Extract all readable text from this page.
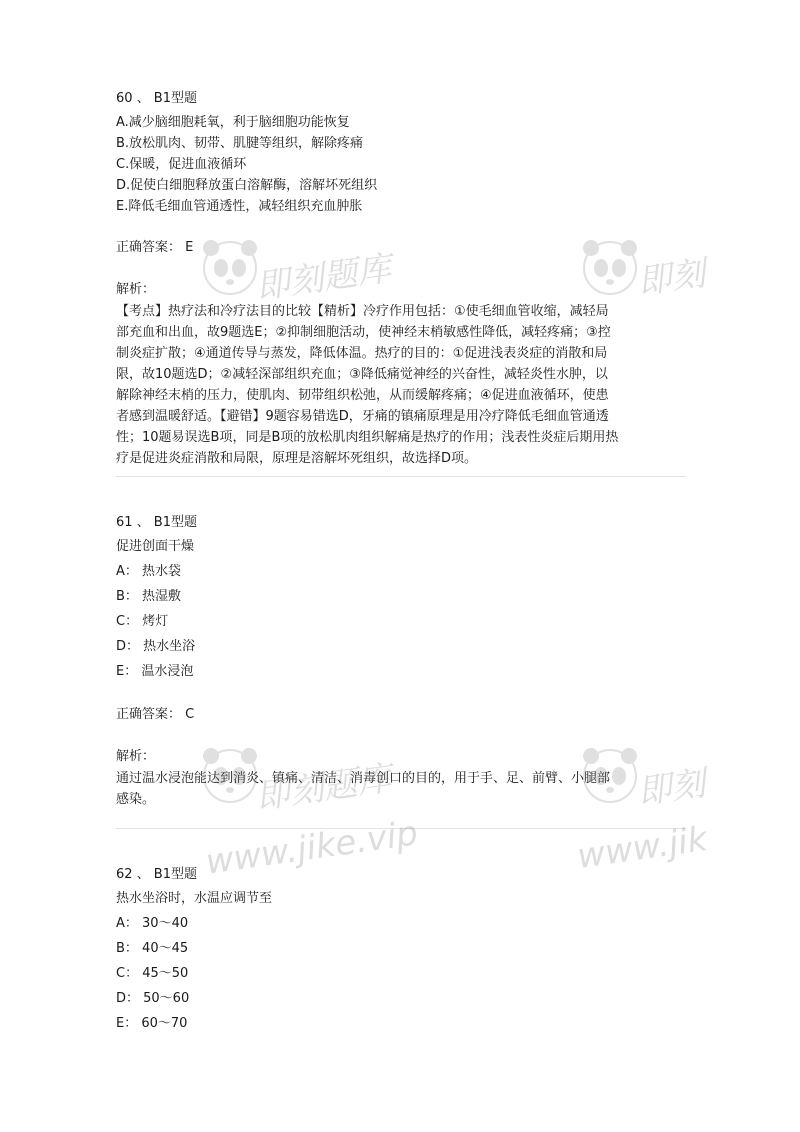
60 、 B1型题
A.减少脑细胞耗氧，利于脑细胞功能恢复
B.放松肌肉、韧带、肌腱等组织，解除疼痛
C.保暖，促进血液循环
D.促使白细胞释放蛋白溶解酶，溶解坏死组织
E.降低毛细血管通透性，减轻组织充血肿胀
正确答案： E
解析：
【考点】热疗法和冷疗法目的比较【精析】冷疗作用包括：①使毛细血管收缩，减轻局
部充血和出血，故9题选E；②抑制细胞活动，使神经末梢敏感性降低，减轻疼痛；③控
制炎症扩散；④通道传导与蒸发，降低体温。热疗的目的：①促进浅表炎症的消散和局
限，故10题选D；②减轻深部组织充血；③降低痛觉神经的兴奋性，减轻炎性水肿，以
解除神经末梢的压力，使肌肉、韧带组织松弛，从而缓解疼痛；④促进血液循环，使患
者感到温暖舒适。【避错】9题容易错选D，牙痛的镇痛原理是用冷疗降低毛细血管通透
性；10题易误选B项，同是B项的放松肌肉组织解痛是热疗的作用；浅表性炎症后期用热
疗是促进炎症消散和局限，原理是溶解坏死组织，故选择D项。
61 、 B1型题
促进创面干燥
A： 热水袋
B： 热湿敷
C： 烤灯
D： 热水坐浴
E： 温水浸泡
正确答案： C
解析：
通过温水浸泡能达到消炎、镇痛、清洁、消毒创口的目的，用于手、足、前臂、小腿部
感染。
62 、 B1型题
热水坐浴时，水温应调节至
A： 30～40
B： 40～45
C： 45～50
D： 50～60
E： 60～70
即刻题库	即刻
即刻题库
www.jike.vip
即刻
www.jik
